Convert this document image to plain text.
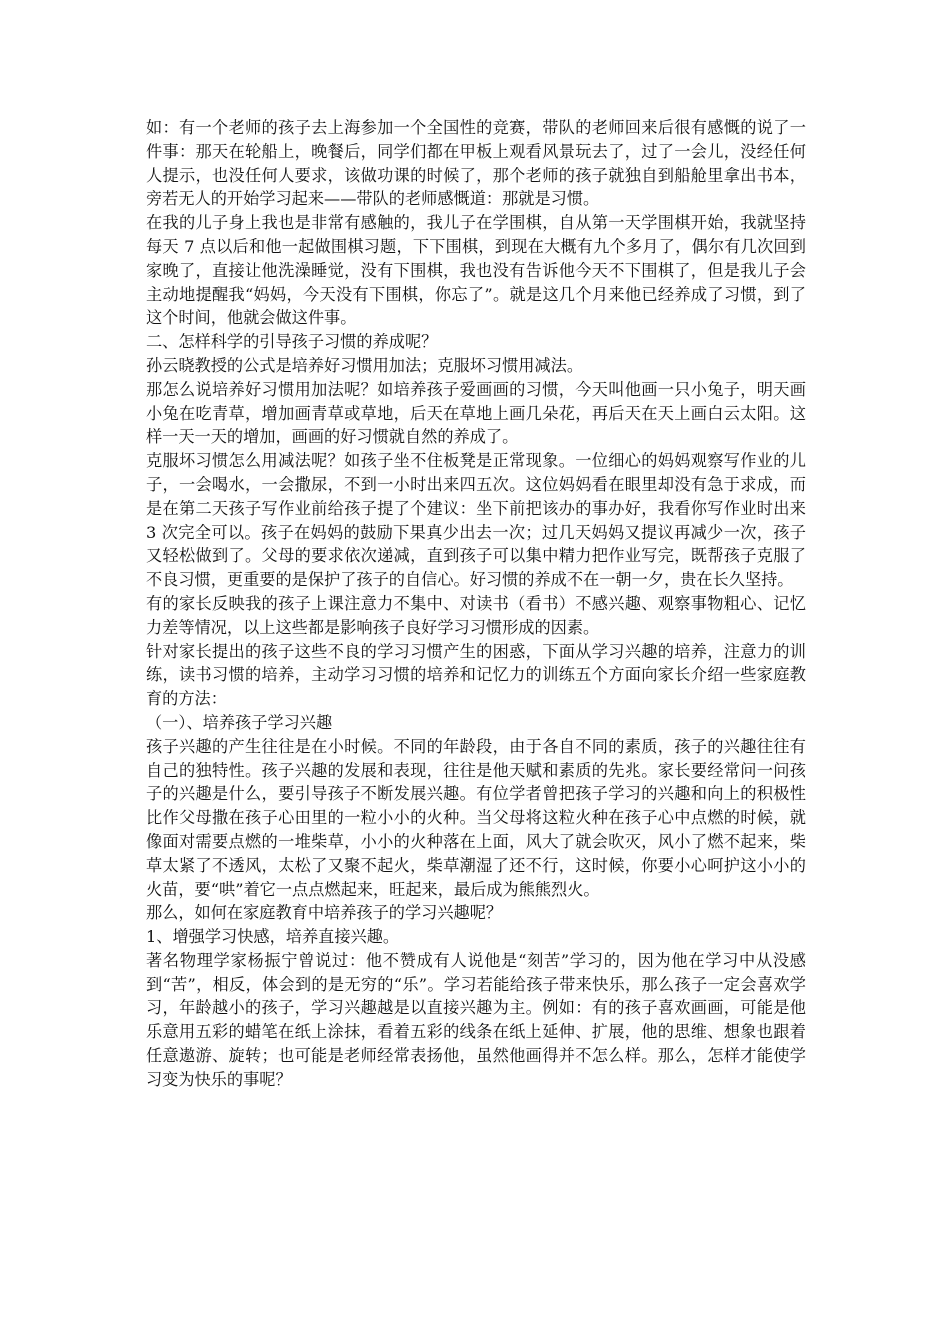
如：有一个老师的孩子去上海参加一个全国性的竞赛，带队的老师回来后很有感慨的说了一件事：那天在轮船上，晚餐后，同学们都在甲板上观看风景玩去了，过了一会儿，没经任何人提示，也没任何人要求，该做功课的时候了，那个老师的孩子就独自到船舱里拿出书本，旁若无人的开始学习起来——带队的老师感慨道：那就是习惯。

在我的儿子身上我也是非常有感触的，我儿子在学围棋，自从第一天学围棋开始，我就坚持每天 7 点以后和他一起做围棋习题，下下围棋，到现在大概有九个多月了，偶尔有几次回到家晚了，直接让他洗澡睡觉，没有下围棋，我也没有告诉他今天不下围棋了，但是我儿子会主动地提醒我“妈妈，今天没有下围棋，你忘了”。就是这几个月来他已经养成了习惯，到了这个时间，他就会做这件事。

二、怎样科学的引导孩子习惯的养成呢？

孙云晓教授的公式是培养好习惯用加法；克服坏习惯用减法。

那怎么说培养好习惯用加法呢？如培养孩子爱画画的习惯，今天叫他画一只小兔子，明天画小兔在吃青草，增加画青草或草地，后天在草地上画几朵花，再后天在天上画白云太阳。这样一天一天的增加，画画的好习惯就自然的养成了。

克服坏习惯怎么用减法呢？如孩子坐不住板凳是正常现象。一位细心的妈妈观察写作业的儿子，一会喝水，一会撒尿，不到一小时出来四五次。这位妈妈看在眼里却没有急于求成，而是在第二天孩子写作业前给孩子提了个建议：坐下前把该办的事办好，我看你写作业时出来 3 次完全可以。孩子在妈妈的鼓励下果真少出去一次；过几天妈妈又提议再减少一次，孩子又轻松做到了。父母的要求依次递减，直到孩子可以集中精力把作业写完，既帮孩子克服了不良习惯，更重要的是保护了孩子的自信心。好习惯的养成不在一朝一夕，贵在长久坚持。

有的家长反映我的孩子上课注意力不集中、对读书（看书）不感兴趣、观察事物粗心、记忆力差等情况，以上这些都是影响孩子良好学习习惯形成的因素。

针对家长提出的孩子这些不良的学习习惯产生的困惑，下面从学习兴趣的培养，注意力的训练，读书习惯的培养，主动学习习惯的培养和记忆力的训练五个方面向家长介绍一些家庭教育的方法：

（一）、培养孩子学习兴趣

孩子兴趣的产生往往是在小时候。不同的年龄段，由于各自不同的素质，孩子的兴趣往往有自己的独特性。孩子兴趣的发展和表现，往往是他天赋和素质的先兆。家长要经常问一问孩子的兴趣是什么，要引导孩子不断发展兴趣。有位学者曾把孩子学习的兴趣和向上的积极性比作父母撒在孩子心田里的一粒小小的火种。当父母将这粒火种在孩子心中点燃的时候，就像面对需要点燃的一堆柴草，小小的火种落在上面，风大了就会吹灭，风小了燃不起来，柴草太紧了不透风，太松了又聚不起火，柴草潮湿了还不行，这时候，你要小心呵护这小小的火苗，要“哄”着它一点点燃起来，旺起来，最后成为熊熊烈火。

那么，如何在家庭教育中培养孩子的学习兴趣呢？

1、增强学习快感，培养直接兴趣。

著名物理学家杨振宁曾说过：他不赞成有人说他是“刻苦”学习的，因为他在学习中从没感到“苦”，相反，体会到的是无穷的“乐”。学习若能给孩子带来快乐，那么孩子一定会喜欢学习，年龄越小的孩子，学习兴趣越是以直接兴趣为主。例如：有的孩子喜欢画画，可能是他乐意用五彩的蜡笔在纸上涂抹，看着五彩的线条在纸上延伸、扩展，他的思维、想象也跟着任意遨游、旋转；也可能是老师经常表扬他，虽然他画得并不怎么样。那么，怎样才能使学习变为快乐的事呢？
